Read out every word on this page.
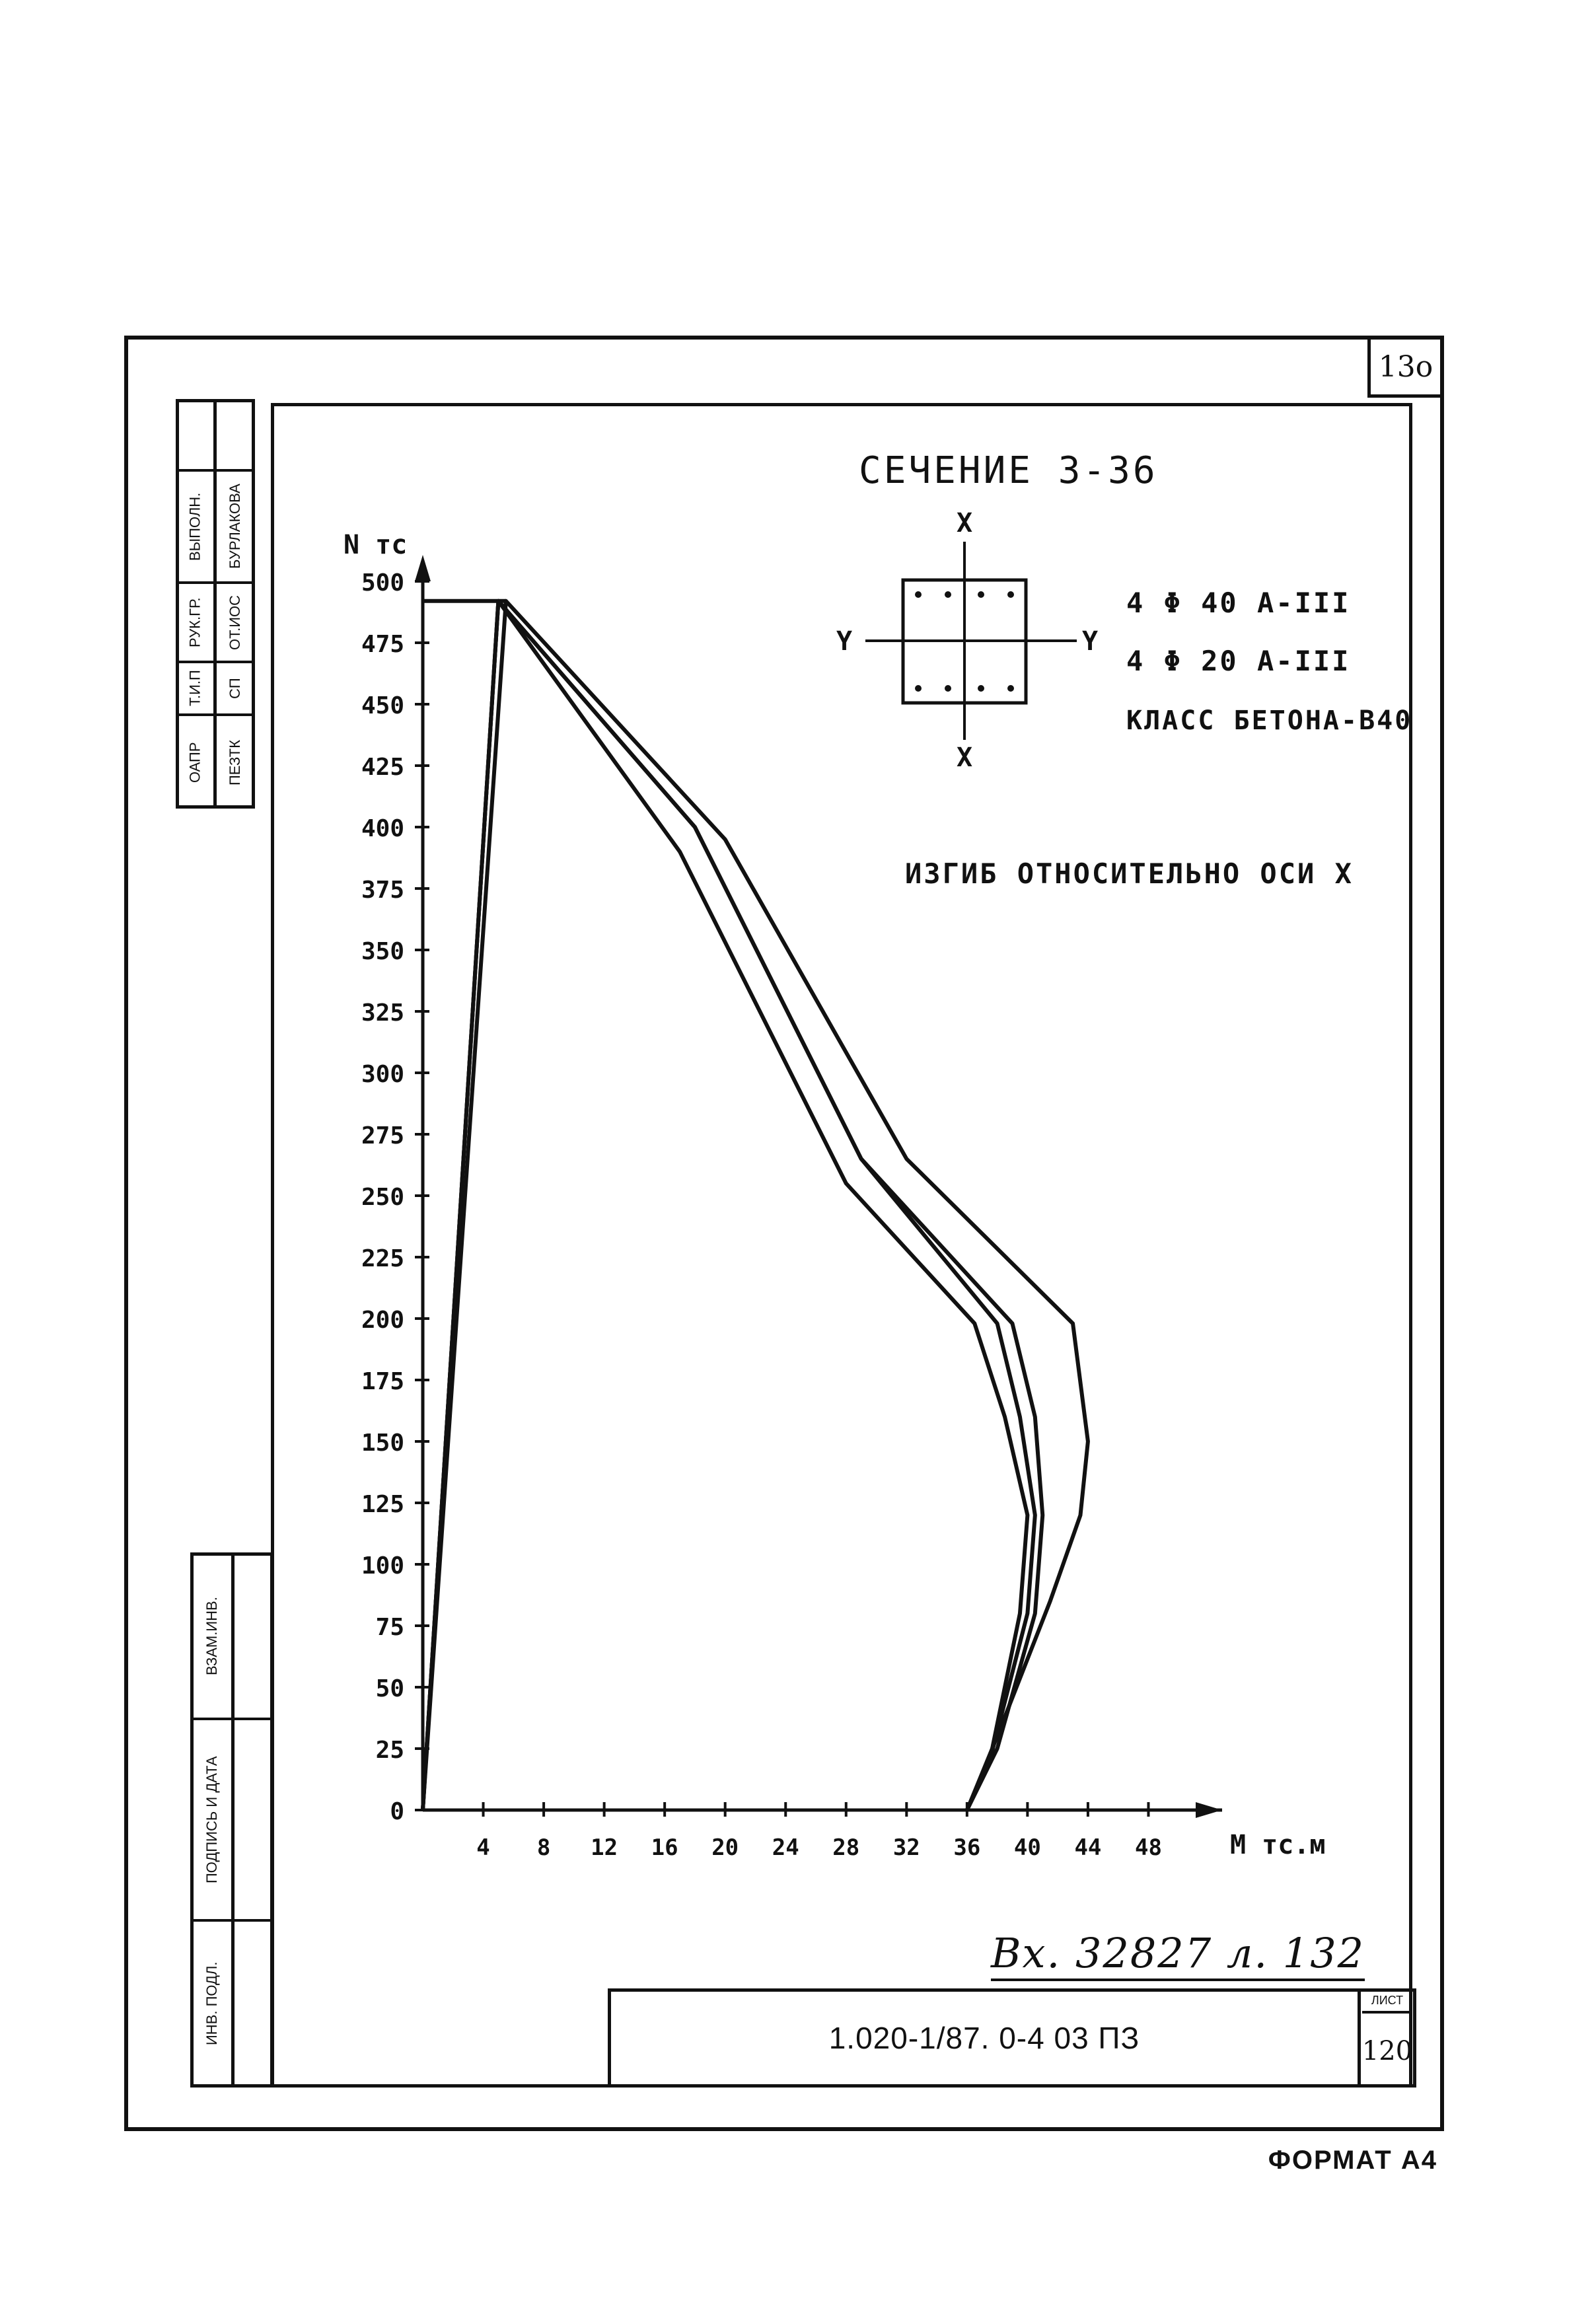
13o
ОАПР
Т.И.П
РУК.ГР.
ВЫПОЛН.
ПЕЗТК
СП
ОТ.ИОС
БУРЛАКОВА
ВЗАМ.ИНВ.
ПОДПИСЬ И ДАТА
ИНВ. ПОДЛ.
СЕЧЕНИЕ 3-36
X
X
Y	Y
4 Φ 40 А-III
4 Φ 20 А-III
КЛАСС БЕТОНА-В40
ИЗГИБ ОТНОСИТЕЛЬНО ОСИ X
0
25
50
75
100
125
150
175
200
225
250
275
300
325
350
375
400
425
450
475
500
4 8 12 16 20 24 28 32 36 40 44 48
N тс
M тс.м
Вх. 32827 л. 132
1.020-1/87. 0-4 03 ПЗ
ЛИСТ
120
ФОРМАТ А4
